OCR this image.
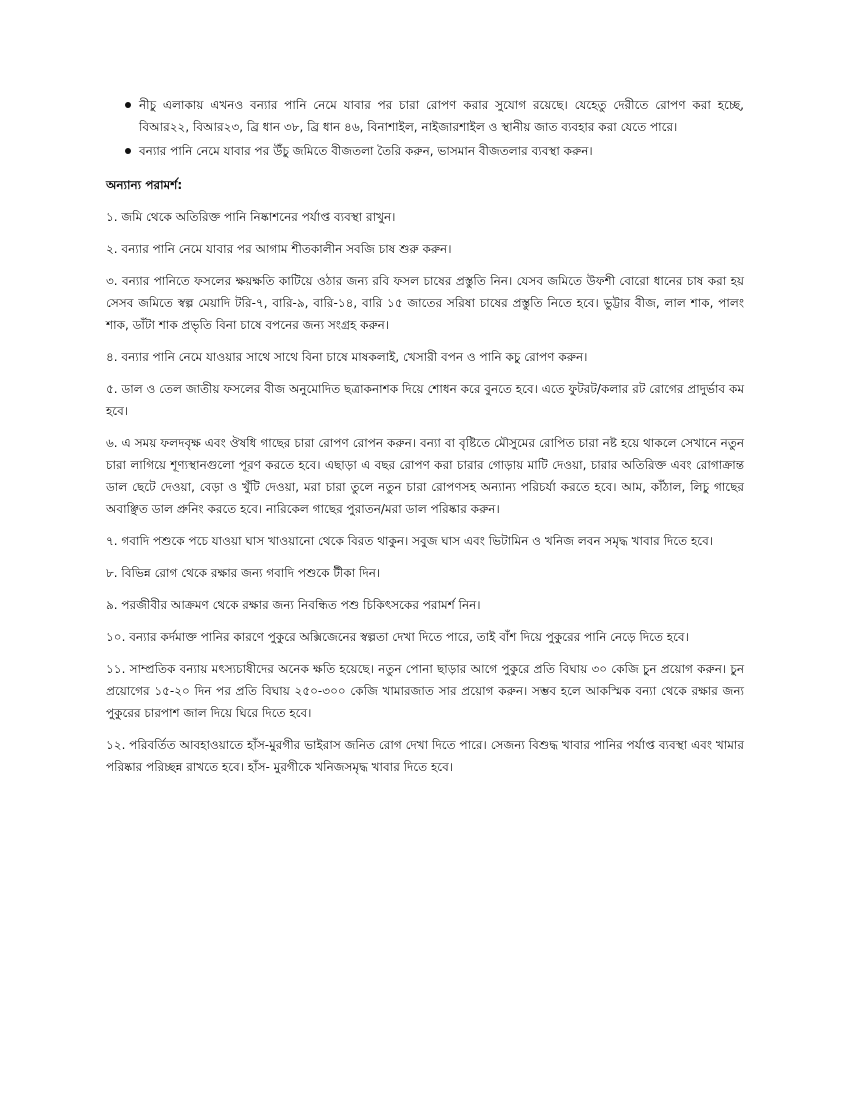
নীচু এলাকায় এখনও বন্যার পানি নেমে যাবার পর চারা রোপণ করার সুযোগ রয়েছে। যেহেতু দেরীতে রোপণ করা হচ্ছে, বিআর২২, বিআর২৩, ব্রি ধান ৩৮, ব্রি ধান ৪৬, বিনাশাইল, নাইজারশাইল ও স্থানীয় জাত ব্যবহার করা যেতে পারে।
বন্যার পানি নেমে যাবার পর উঁচু জমিতে বীজতলা তৈরি করুন, ভাসমান বীজতলার ব্যবস্থা করুন।
অন্যান্য পরামর্শ:

১. জমি থেকে অতিরিক্ত পানি নিষ্কাশনের পর্যাপ্ত ব্যবস্থা রাখুন।

২. বন্যার পানি নেমে যাবার পর আগাম শীতকালীন সবজি চাষ শুরু করুন।

৩. বন্যার পানিতে ফসলের ক্ষয়ক্ষতি কাটিয়ে ওঠার জন্য রবি ফসল চাষের প্রস্তুতি নিন। যেসব জমিতে উফশী বোরো ধানের চাষ করা হয় সেসব জমিতে স্বল্প মেয়াদি টরি-৭, বারি-৯, বারি-১৪, বারি ১৫ জাতের সরিষা চাষের প্রস্তুতি নিতে হবে। ভুট্টার বীজ, লাল শাক, পালং শাক, ডাঁটা শাক প্রভৃতি বিনা চাষে বপনের জন্য সংগ্রহ করুন।

৪. বন্যার পানি নেমে যাওয়ার সাথে সাথে বিনা চাষে মাষকলাই, খেসারী বপন ও পানি কচু রোপণ করুন।

৫. ডাল ও তেল জাতীয় ফসলের বীজ অনুমোদিত ছত্রাকনাশক দিয়ে শোধন করে বুনতে হবে। এতে ফুটরট/কলার রট রোগের প্রাদুর্ভাব কম হবে।

৬. এ সময় ফলদবৃক্ষ এবং ঔষধি গাছের চারা রোপণ রোপন করুন। বন্যা বা বৃষ্টিতে মৌসুমের রোপিত চারা নষ্ট হয়ে থাকলে সেখানে নতুন চারা লাগিয়ে শূণ্যস্থানগুলো পূরণ করতে হবে। এছাড়া এ বছর রোপণ করা চারার গোড়ায় মাটি দেওয়া, চারার অতিরিক্ত এবং রোগাক্রান্ত ডাল ছেটে দেওয়া, বেড়া ও খুঁটি দেওয়া, মরা চারা তুলে নতুন চারা রোপণসহ অন্যান্য পরিচর্যা করতে হবে। আম, কাঁঠাল, লিচু গাছের অবাঞ্ছিত ডাল প্রুনিং করতে হবে। নারিকেল গাছের পুরাতন/মরা ডাল পরিষ্কার করুন।

৭. গবাদি পশুকে পচে যাওয়া ঘাস খাওয়ানো থেকে বিরত থাকুন। সবুজ ঘাস এবং ভিটামিন ও খনিজ লবন সমৃদ্ধ খাবার দিতে হবে।

৮. বিভিন্ন রোগ থেকে রক্ষার জন্য গবাদি পশুকে টীকা দিন।

৯. পরজীবীর আক্রমণ থেকে রক্ষার জন্য নিবন্ধিত পশু চিকিৎসকের পরামর্শ নিন।

১০. বন্যার কর্দমাক্ত পানির কারণে পুকুরে অক্সিজেনের স্বল্পতা দেখা দিতে পারে, তাই বাঁশ দিয়ে পুকুরের পানি নেড়ে দিতে হবে।

১১. সাম্প্রতিক বন্যায় মৎস্যচাষীদের অনেক ক্ষতি হয়েছে। নতুন পোনা ছাড়ার আগে পুকুরে প্রতি বিঘায় ৩০ কেজি চুন প্রয়োগ করুন। চুন প্রয়োগের ১৫-২০ দিন পর প্রতি বিঘায় ২৫০-৩০০ কেজি খামারজাত সার প্রয়োগ করুন। সম্ভব হলে আকস্মিক বন্যা থেকে রক্ষার জন্য পুকুরের চারপাশ জাল দিয়ে ঘিরে দিতে হবে।

১২. পরিবর্তিত আবহাওয়াতে হাঁস-মুরগীর ভাইরাস জনিত রোগ দেখা দিতে পারে। সেজন্য বিশুদ্ধ খাবার পানির পর্যাপ্ত ব্যবস্থা এবং খামার পরিষ্কার পরিচ্ছন্ন রাখতে হবে। হাঁস- মুরগীকে খনিজসমৃদ্ধ খাবার দিতে হবে।
